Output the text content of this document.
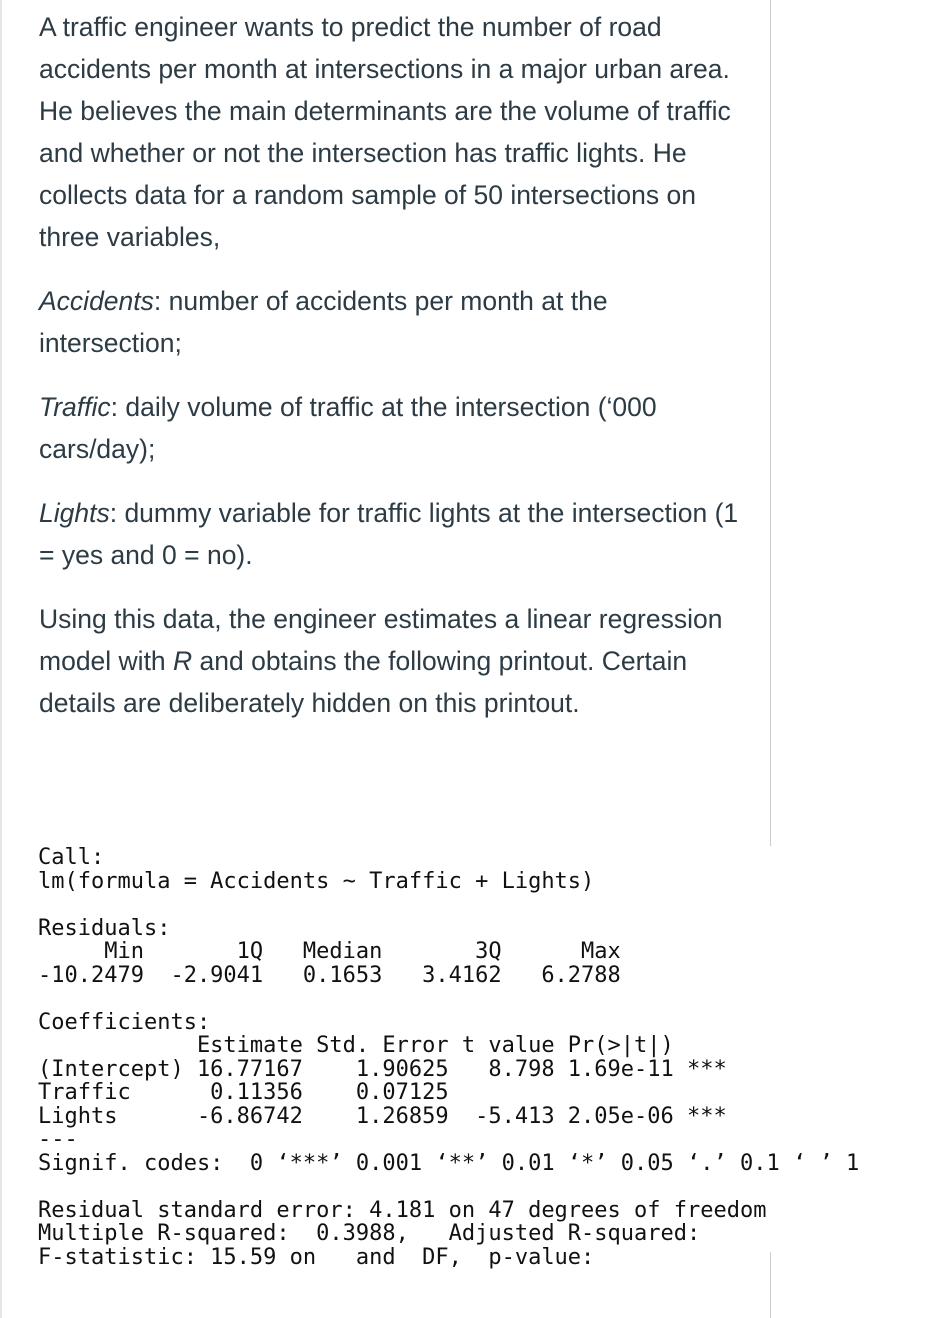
A traffic engineer wants to predict the number of road accidents per month at intersections in a major urban area. He believes the main determinants are the volume of traffic and whether or not the intersection has traffic lights. He collects data for a random sample of 50 intersections on three variables,

Accidents: number of accidents per month at the intersection;

Traffic: daily volume of traffic at the intersection (‘000 cars/day);

Lights: dummy variable for traffic lights at the intersection (1 = yes and 0 = no).

Using this data, the engineer estimates a linear regression model with R and obtains the following printout. Certain details are deliberately hidden on this printout.

Call:
lm(formula = Accidents ~ Traffic + Lights)
Residuals:
Min       1Q   Median       3Q      Max
-10.2479  -2.9041   0.1653   3.4162   6.2788
Coefficients:
Estimate Std. Error t value Pr(>|t|)
(Intercept) 16.77167    1.90625   8.798 1.69e-11 ***
Traffic      0.11356    0.07125
Lights      -6.86742    1.26859  -5.413 2.05e-06 ***
---
Signif. codes:  0 ‘***’ 0.001 ‘**’ 0.01 ‘*’ 0.05 ‘.’ 0.1 ‘ ’ 1
Residual standard error: 4.181 on 47 degrees of freedom
Multiple R-squared:  0.3988,   Adjusted R-squared:
F-statistic: 15.59 on   and  DF,  p-value:
